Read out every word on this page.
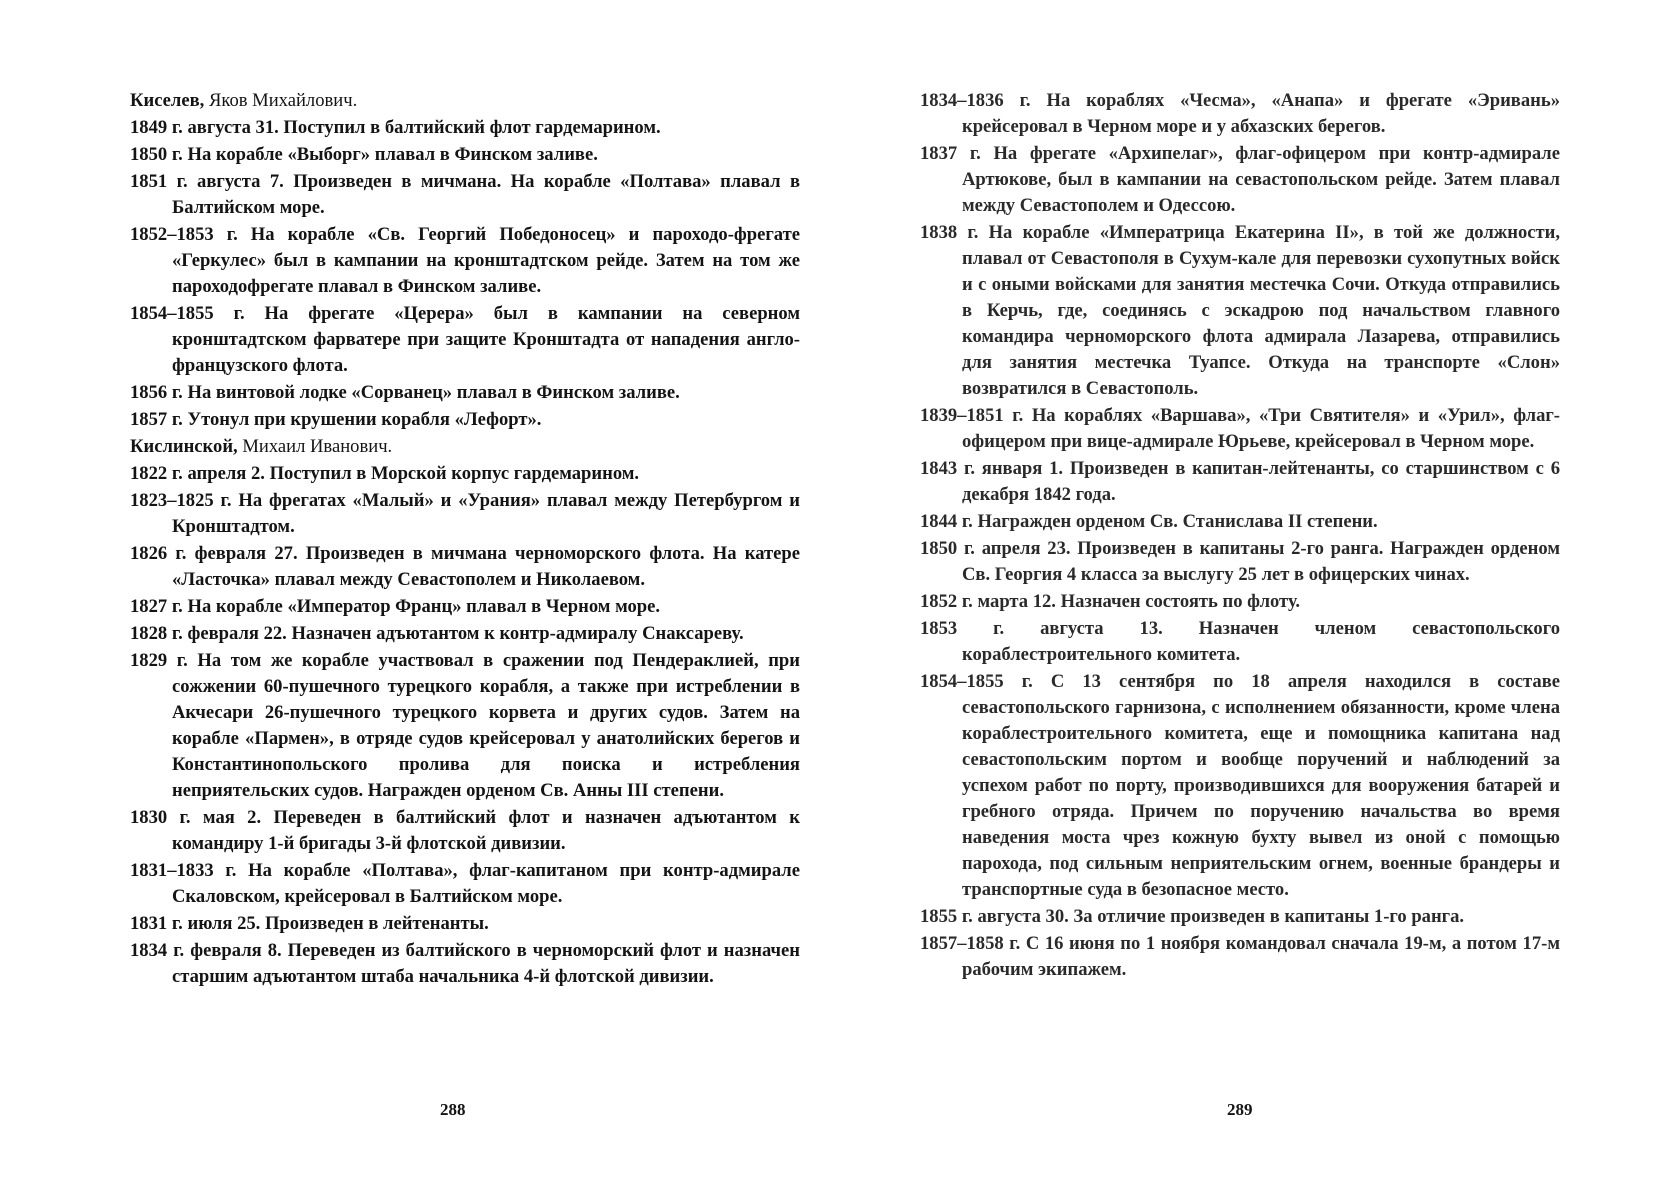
Киселев, Яков Михайлович.

1849 г. августа 31. Поступил в балтийский флот гардемарином.

1850 г. На корабле «Выборг» плавал в Финском заливе.

1851 г. августа 7. Произведен в мичмана. На корабле «Полтава» плавал в Балтийском море.

1852–1853 г. На корабле «Св. Георгий Победоносец» и пароходо-фрегате «Геркулес» был в кампании на кронштадтском рейде. Затем на том же пароходофрегате плавал в Финском заливе.

1854–1855 г. На фрегате «Церера» был в кампании на северном кронштадтском фарватере при защите Кронштадта от нападения англо-французского флота.

1856 г. На винтовой лодке «Сорванец» плавал в Финском заливе.

1857 г. Утонул при крушении корабля «Лефорт».

Кислинской, Михаил Иванович.

1822 г. апреля 2. Поступил в Морской корпус гардемарином.

1823–1825 г. На фрегатах «Малый» и «Урания» плавал между Петербургом и Кронштадтом.

1826 г. февраля 27. Произведен в мичмана черноморского флота. На катере «Ласточка» плавал между Севастополем и Николаевом.

1827 г. На корабле «Император Франц» плавал в Черном море.

1828 г. февраля 22. Назначен адъютантом к контр-адмиралу Снаксареву.

1829 г. На том же корабле участвовал в сражении под Пендераклией, при сожжении 60-пушечного турецкого корабля, а также при истреблении в Акчесари 26-пушечного турецкого корвета и других судов. Затем на корабле «Пармен», в отряде судов крейсеровал у анатолийских берегов и Константинопольского пролива для поиска и истребления неприятельских судов. Награжден орденом Св. Анны III степени.

1830 г. мая 2. Переведен в балтийский флот и назначен адъютантом к командиру 1-й бригады 3-й флотской дивизии.

1831–1833 г. На корабле «Полтава», флаг-капитаном при контр-адмирале Скаловском, крейсеровал в Балтийском море.

1831 г. июля 25. Произведен в лейтенанты.

1834 г. февраля 8. Переведен из балтийского в черноморский флот и назначен старшим адъютантом штаба начальника 4-й флотской дивизии.

1834–1836 г. На кораблях «Чесма», «Анапа» и фрегате «Эривань» крейсеровал в Черном море и у абхазских берегов.

1837 г. На фрегате «Архипелаг», флаг-офицером при контр-адмирале Артюкове, был в кампании на севастопольском рейде. Затем плавал между Севастополем и Одессою.

1838 г. На корабле «Императрица Екатерина II», в той же должности, плавал от Севастополя в Сухум-кале для перевозки сухопутных войск и с оными войсками для занятия местечка Сочи. Откуда отправились в Керчь, где, соединясь с эскадрою под начальством главного командира черноморского флота адмирала Лазарева, отправились для занятия местечка Туапсе. Откуда на транспорте «Слон» возвратился в Севастополь.

1839–1851 г. На кораблях «Варшава», «Три Святителя» и «Урил», флаг-офицером при вице-адмирале Юрьеве, крейсеровал в Черном море.

1843 г. января 1. Произведен в капитан-лейтенанты, со старшинством с 6 декабря 1842 года.

1844 г. Награжден орденом Св. Станислава II степени.

1850 г. апреля 23. Произведен в капитаны 2-го ранга. Награжден орденом Св. Георгия 4 класса за выслугу 25 лет в офицерских чинах.

1852 г. марта 12. Назначен состоять по флоту.

1853 г. августа 13. Назначен членом севастопольского кораблестроительного комитета.

1854–1855 г. С 13 сентября по 18 апреля находился в составе севастопольского гарнизона, с исполнением обязанности, кроме члена кораблестроительного комитета, еще и помощника капитана над севастопольским портом и вообще поручений и наблюдений за успехом работ по порту, производившихся для вооружения батарей и гребного отряда. Причем по поручению начальства во время наведения моста чрез кожную бухту вывел из оной с помощью парохода, под сильным неприятельским огнем, военные брандеры и транспортные суда в безопасное место.

1855 г. августа 30. За отличие произведен в капитаны 1-го ранга.

1857–1858 г. С 16 июня по 1 ноября командовал сначала 19-м, а потом 17-м рабочим экипажем.

288	289
